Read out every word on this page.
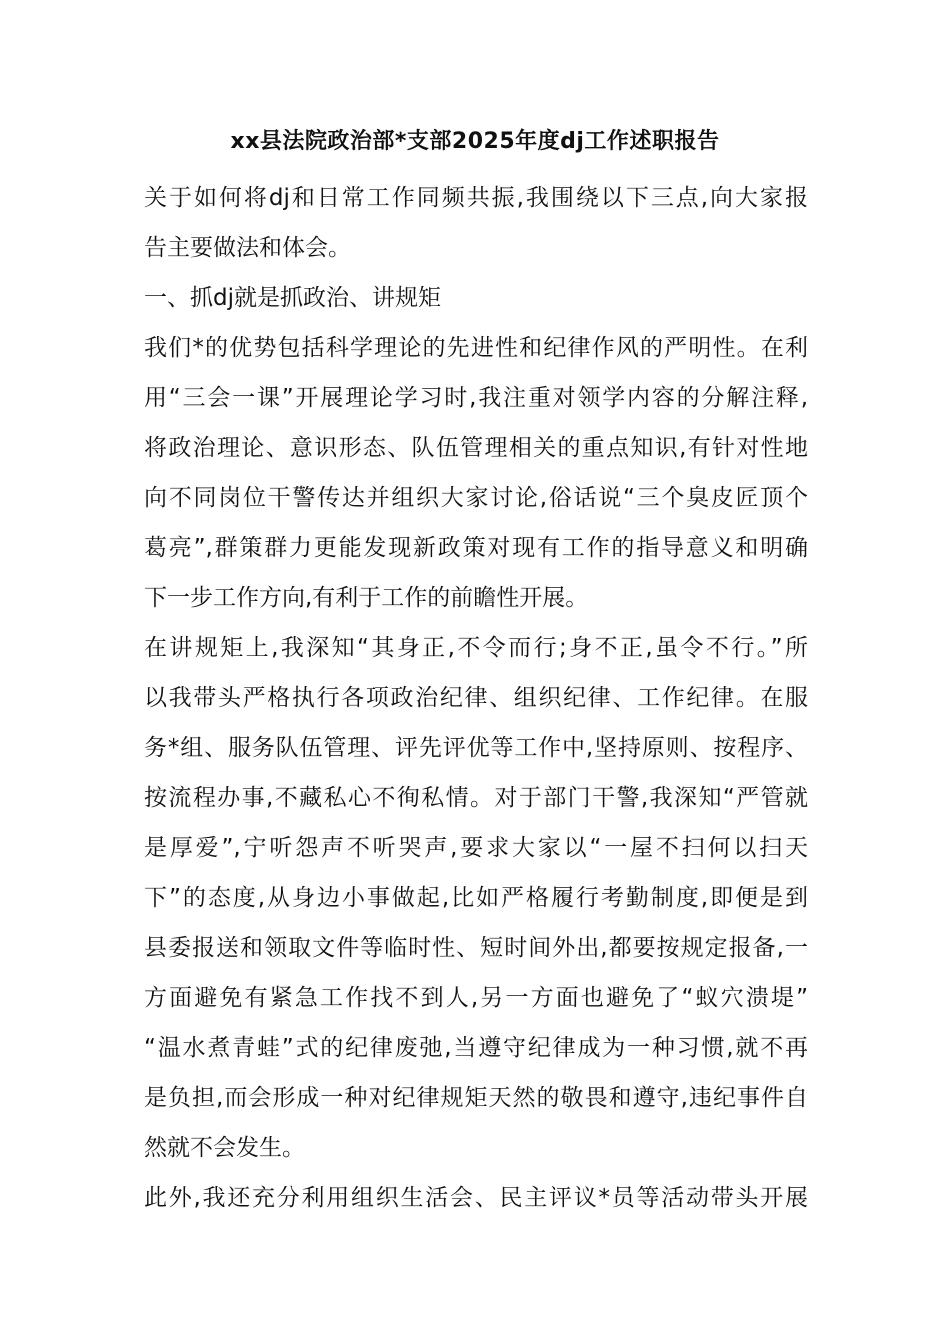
xx县法院政治部*支部2025年度dj工作述职报告
关于如何将dj和日常工作同频共振,我围绕以下三点,向大家报
告主要做法和体会。
一、抓dj就是抓政治、讲规矩
我们*的优势包括科学理论的先进性和纪律作风的严明性。在利
用“三会一课”开展理论学习时,我注重对领学内容的分解注释,
将政治理论、意识形态、队伍管理相关的重点知识,有针对性地
向不同岗位干警传达并组织大家讨论,俗话说“三个臭皮匠顶个
葛亮”,群策群力更能发现新政策对现有工作的指导意义和明确
下一步工作方向,有利于工作的前瞻性开展。
在讲规矩上,我深知“其身正,不令而行;身不正,虽令不行。”所
以我带头严格执行各项政治纪律、组织纪律、工作纪律。在服
务*组、服务队伍管理、评先评优等工作中,坚持原则、按程序、
按流程办事,不藏私心不徇私情。对于部门干警,我深知“严管就
是厚爱”,宁听怨声不听哭声,要求大家以“一屋不扫何以扫天
下”的态度,从身边小事做起,比如严格履行考勤制度,即便是到
县委报送和领取文件等临时性、短时间外出,都要按规定报备,一
方面避免有紧急工作找不到人,另一方面也避免了“蚁穴溃堤”
“温水煮青蛙”式的纪律废弛,当遵守纪律成为一种习惯,就不再
是负担,而会形成一种对纪律规矩天然的敬畏和遵守,违纪事件自
然就不会发生。
此外,我还充分利用组织生活会、民主评议*员等活动带头开展
